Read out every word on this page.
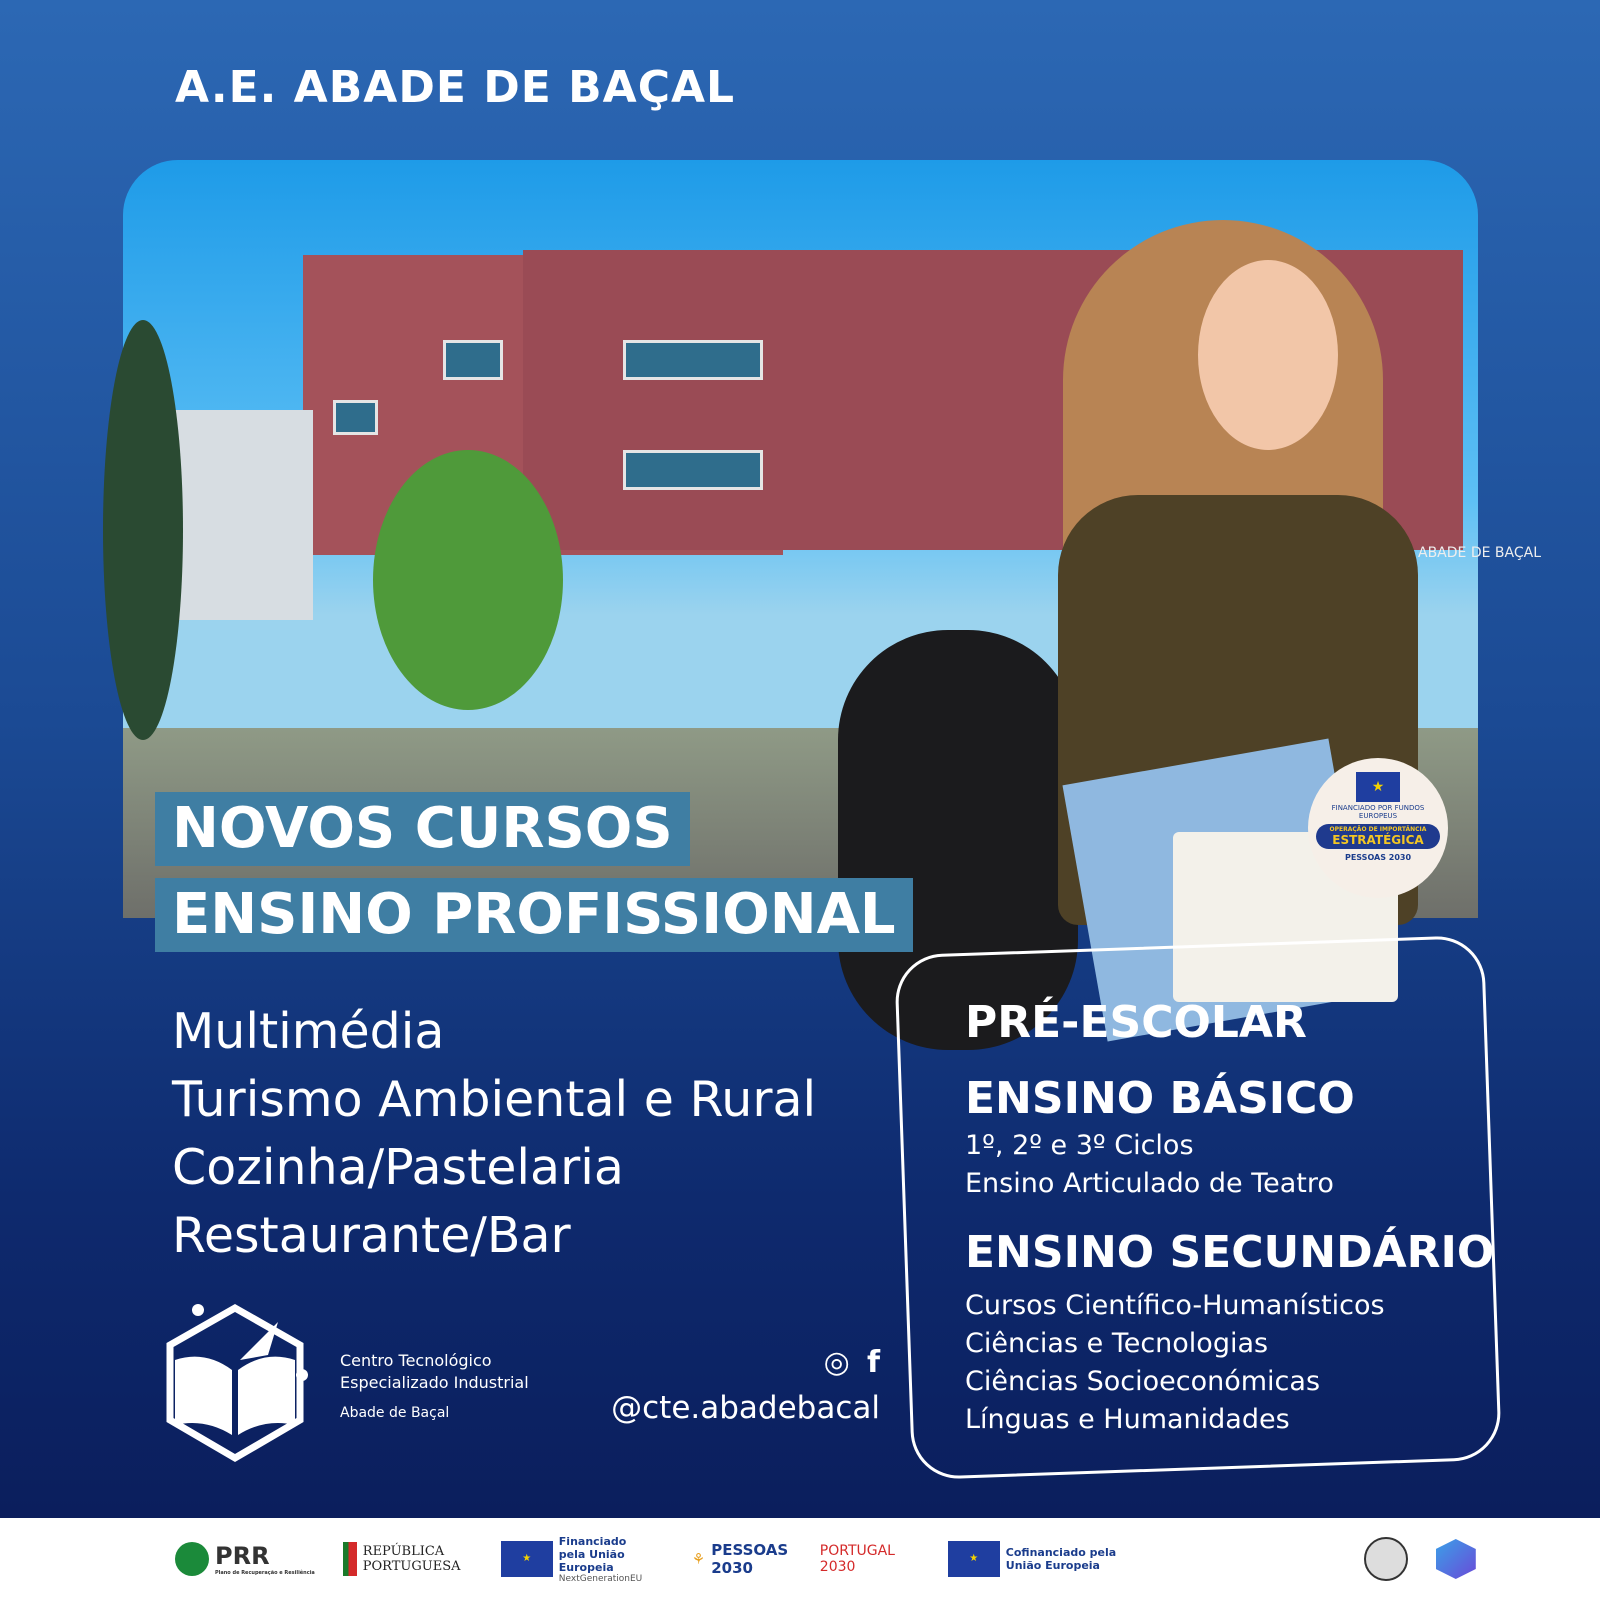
A.E. ABADE DE BAÇAL
ABADE DE BAÇAL
★
FINANCIADO POR FUNDOS EUROPEUS
OPERAÇÃO DE IMPORTÂNCIA
ESTRATÉGICA
PESSOAS 2030
NOVOS CURSOS
ENSINO PROFISSIONAL
Multimédia
Turismo Ambiental e Rural
Cozinha/Pastelaria
Restaurante/Bar
PRÉ-ESCOLAR
ENSINO BÁSICO
1º, 2º e 3º Ciclos
Ensino Articulado de Teatro
ENSINO SECUNDÁRIO
Cursos Científico-Humanísticos
Ciências e Tecnologias
Ciências Socioeconómicas
Línguas e Humanidades
Centro Tecnológico
Especializado Industrial
Abade de Baçal
◎ f
@cte.abadebacal
PRR
Plano de Recuperação e Resiliência
REPÚBLICA PORTUGUESA
★
Financiado pela União Europeia
NextGenerationEU
⚘ PESSOAS 2030
PORTUGAL 2030
★	Cofinanciado pela União Europeia
